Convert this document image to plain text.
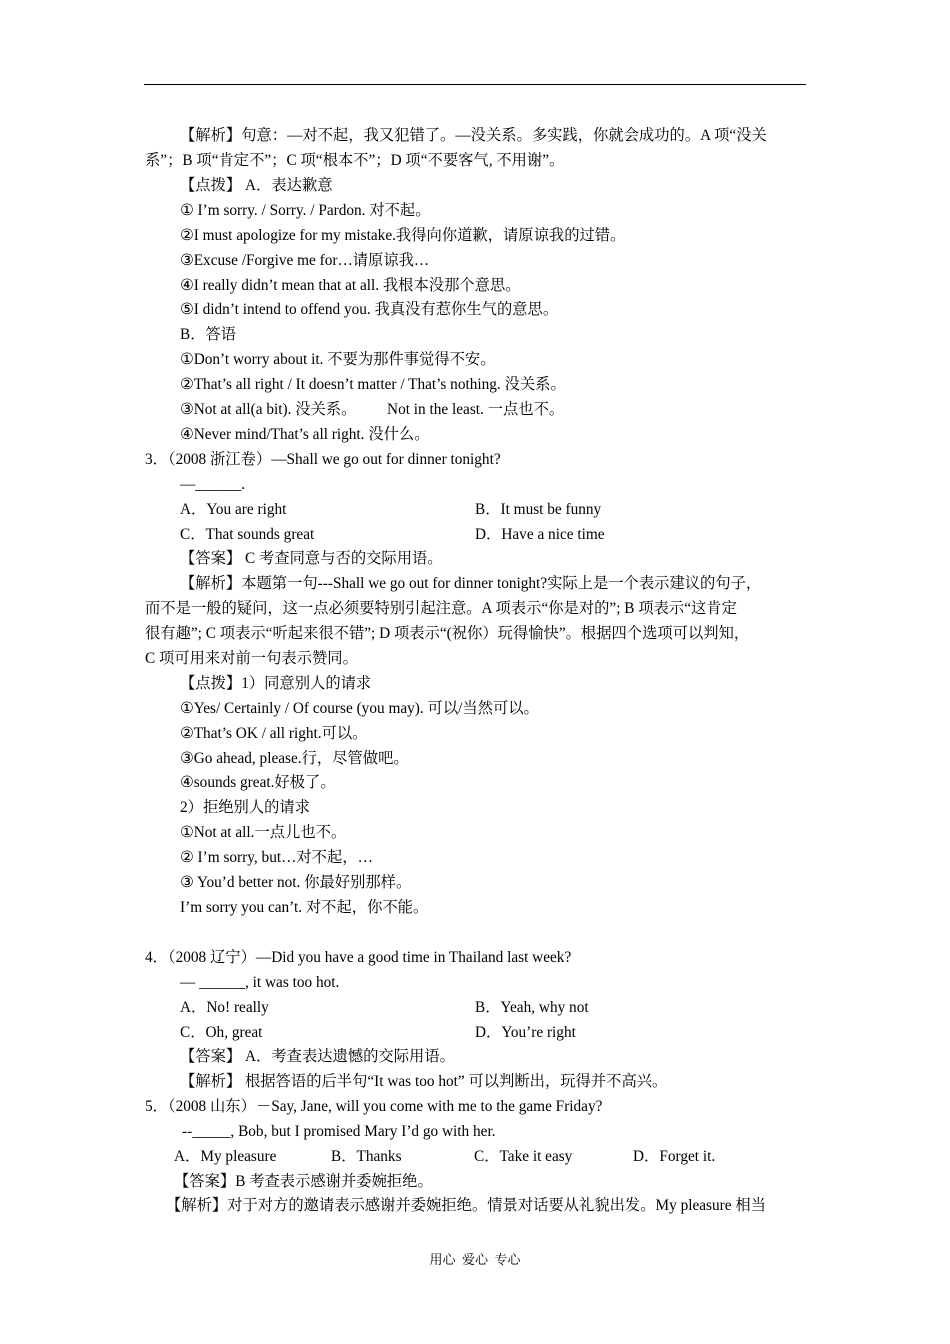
【解析】句意：—对不起，我又犯错了。—没关系。多实践，你就会成功的。A 项“没关
系”；B 项“肯定不”；C 项“根本不”；D 项“不要客气, 不用谢”。
【点拨】 A．表达歉意
① I’m sorry. / Sorry. / Pardon. 对不起。
②I must apologize for my mistake.我得向你道歉，请原谅我的过错。
③Excuse /Forgive me for…请原谅我…
④I really didn’t mean that at all. 我根本没那个意思。
⑤I didn’t intend to offend you. 我真没有惹你生气的意思。
B．答语
①Don’t worry about it. 不要为那件事觉得不安。
②That’s all right / It doesn’t matter / That’s nothing. 没关系。
③Not at all(a bit). 没关系。        Not in the least. 一点也不。
④Never mind/That’s all right. 没什么。
3．（2008 浙江卷）—Shall we go out for dinner tonight?
—______.
A．You are right	B．It must be funny
C．That sounds great	D．Have a nice time
【答案】 C 考查同意与否的交际用语。
【解析】本题第一句---Shall we go out for dinner tonight?实际上是一个表示建议的句子，
而不是一般的疑问，这一点必须要特别引起注意。A 项表示“你是对的”; B 项表示“这肯定
很有趣”; C 项表示“听起来很不错”; D 项表示“(祝你）玩得愉快”。根据四个选项可以判知，
C 项可用来对前一句表示赞同。
【点拨】1）同意别人的请求
①Yes/ Certainly / Of course (you may). 可以/当然可以。
②That’s OK / all right.可以。
③Go ahead, please.行，尽管做吧。
④sounds great.好极了。
2）拒绝别人的请求
①Not at all.一点儿也不。
② I’m sorry, but…对不起，…
③ You’d better not. 你最好别那样。
I’m sorry you can’t. 对不起，你不能。
4．（2008 辽宁）—Did you have a good time in Thailand last week?
— ______, it was too hot.
A．No! really	B．Yeah, why not
C．Oh, great	D．You’re right
【答案】 A．考查表达遗憾的交际用语。
【解析】 根据答语的后半句“It was too hot” 可以判断出，玩得并不高兴。
5．（2008 山东）－Say, Jane, will you come with me to the game Friday?
--_____, Bob, but I promised Mary I’d go with her.
A．My pleasure	B．Thanks	C．Take it easy	D．Forget it.
【答案】B 考查表示感谢并委婉拒绝。
【解析】对于对方的邀请表示感谢并委婉拒绝。情景对话要从礼貌出发。My pleasure 相当
用心  爱心  专心
